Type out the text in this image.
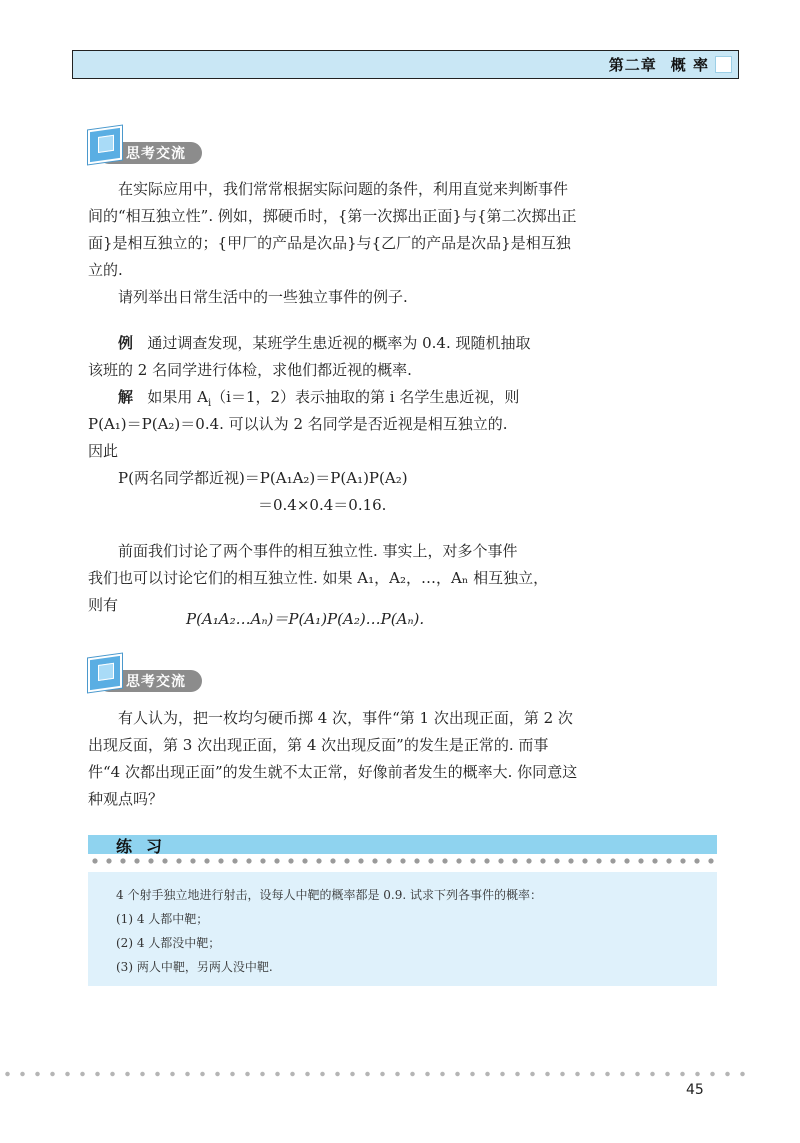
第二章 概 率
思考交流
在实际应用中，我们常常根据实际问题的条件，利用直觉来判断事件间的“相互独立性”. 例如，掷硬币时，{第一次掷出正面}与{第二次掷出正面}是相互独立的；{甲厂的产品是次品}与{乙厂的产品是次品}是相互独立的.
请列举出日常生活中的一些独立事件的例子.
例 通过调查发现，某班学生患近视的概率为 0.4. 现随机抽取
该班的 2 名同学进行体检，求他们都近视的概率.
解 如果用 $A_i(i=1$，2）表示抽取的第 i 名学生患近视，则
P(A₁)＝P(A₂)＝0.4. 可以认为 2 名同学是否近视是相互独立的.
因此
P(两名同学都近视)＝P(A₁A₂)＝P(A₁)P(A₂)
＝0.4×0.4＝0.16.
前面我们讨论了两个事件的相互独立性. 事实上，对多个事件
我们也可以讨论它们的相互独立性. 如果 A₁，A₂，…，Aₙ 相互独立，
则有
P(A₁A₂…Aₙ)＝P(A₁)P(A₂)…P(Aₙ).
思考交流
有人认为，把一枚均匀硬币掷 4 次，事件“第 1 次出现正面，第 2 次出现反面，第 3 次出现正面，第 4 次出现反面”的发生是正常的. 而事件“4 次都出现正面”的发生就不太正常，好像前者发生的概率大. 你同意这种观点吗？
练习
4 个射手独立地进行射击，设每人中靶的概率都是 0.9. 试求下列各事件的概率：
(1) 4 人都中靶；
(2) 4 人都没中靶；
(3) 两人中靶，另两人没中靶.
45
